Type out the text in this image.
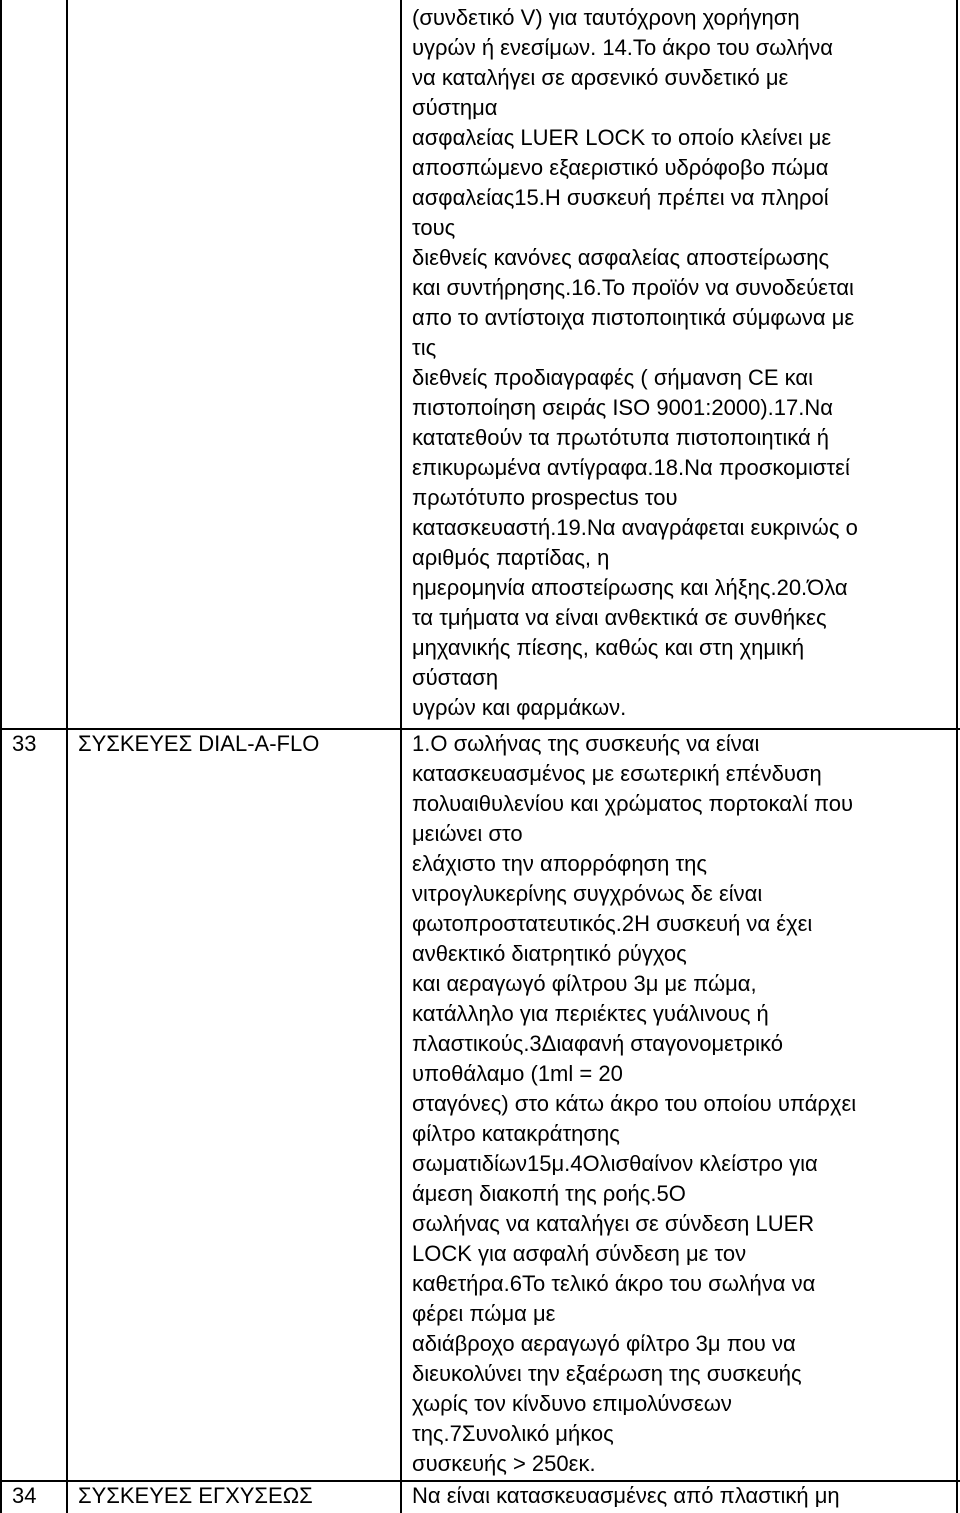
(συνδετικό V) για ταυτόχρονη χορήγηση
υγρών ή ενεσίμων. 14.Το άκρο του σωλήνα
να καταλήγει σε αρσενικό συνδετικό με
σύστημα
ασφαλείας LUER LOCK το οποίο κλείνει με
αποσπώμενο εξαεριστικό υδρόφοβο πώμα
ασφαλείας15.Η συσκευή πρέπει να πληροί
τους
διεθνείς κανόνες ασφαλείας αποστείρωσης
και συντήρησης.16.Το προϊόν να συνοδεύεται
απο το αντίστοιχα πιστοποιητικά σύμφωνα με
τις
διεθνείς προδιαγραφές ( σήμανση CE και
πιστοποίηση σειράς ISO 9001:2000).17.Να
κατατεθούν τα πρωτότυπα πιστοποιητικά ή
επικυρωμένα αντίγραφα.18.Να προσκομιστεί
πρωτότυπο prospectus του
κατασκευαστή.19.Να αναγράφεται ευκρινώς ο
αριθμός παρτίδας, η
ημερομηνία αποστείρωσης και λήξης.20.Όλα
τα τμήματα να είναι ανθεκτικά σε συνθήκες
μηχανικής πίεσης, καθώς και στη χημική
σύσταση
υγρών και φαρμάκων.
33 ΣΥΣΚΕΥΕΣ DIAL-A-FLO	1.Ο σωλήνας της συσκευής να είναι
κατασκευασμένος με εσωτερική επένδυση
πολυαιθυλενίου και χρώματος πορτοκαλί που
μειώνει στο
ελάχιστο την απορρόφηση της
νιτρογλυκερίνης συγχρόνως δε είναι
φωτοπροστατευτικός.2Η συσκευή να έχει
ανθεκτικό διατρητικό ρύγχος
και αεραγωγό φίλτρου 3μ με πώμα,
κατάλληλο για περιέκτες γυάλινους ή
πλαστικούς.3Διαφανή σταγονομετρικό
υποθάλαμο (1ml = 20
σταγόνες) στο κάτω άκρο του οποίου υπάρχει
φίλτρο κατακράτησης
σωματιδίων15μ.4Ολισθαίνον κλείστρο για
άμεση διακοπή της ροής.5Ο
σωλήνας να καταλήγει σε σύνδεση LUER
LOCK για ασφαλή σύνδεση με τον
καθετήρα.6Το τελικό άκρο του σωλήνα να
φέρει πώμα με
αδιάβροχο αεραγωγό φίλτρο 3μ που να
διευκολύνει την εξαέρωση της συσκευής
χωρίς τον κίνδυνο επιμολύνσεων
της.7Συνολικό μήκος
συσκευής > 250εκ.
34 ΣΥΣΚΕΥΕΣ ΕΓΧΥΣΕΩΣ	Να είναι κατασκευασμένες από πλαστική μη
